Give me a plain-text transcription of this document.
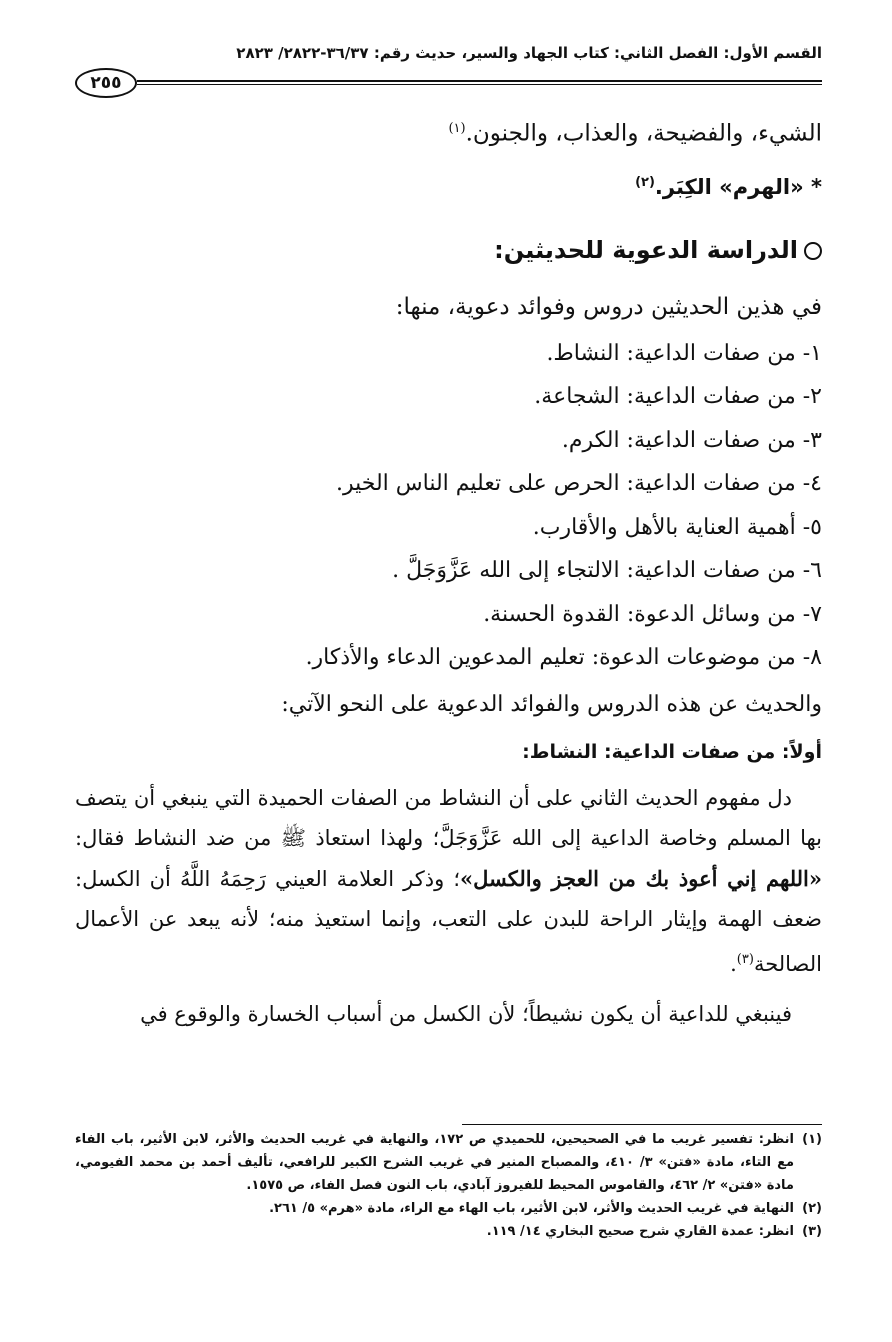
القسم الأول: الفصل الثاني: كتاب الجهاد والسير، حديث رقم: ٣٦/٣٧-٢٨٢٢/ ٢٨٢٣
٢٥٥

الشيء، والفضيحة، والعذاب، والجنون.$^{(١)}$

* «الهرم» الكِبَر.$^{(٢)}$

الدراسة الدعوية للحديثين:

في هذين الحديثين دروس وفوائد دعوية، منها:

١- من صفات الداعية: النشاط.
٢- من صفات الداعية: الشجاعة.
٣- من صفات الداعية: الكرم.
٤- من صفات الداعية: الحرص على تعليم الناس الخير.
٥- أهمية العناية بالأهل والأقارب.
٦- من صفات الداعية: الالتجاء إلى الله عَزَّوَجَلَّ .
٧- من وسائل الدعوة: القدوة الحسنة.
٨- من موضوعات الدعوة: تعليم المدعوين الدعاء والأذكار.

والحديث عن هذه الدروس والفوائد الدعوية على النحو الآتي:

أولاً: من صفات الداعية: النشاط:

دل مفهوم الحديث الثاني على أن النشاط من الصفات الحميدة التي ينبغي أن يتصف بها المسلم وخاصة الداعية إلى الله عَزَّوَجَلَّ؛ ولهذا استعاذ ﷺ من ضد النشاط فقال: «اللهم إني أعوذ بك من العجز والكسل»؛ وذكر العلامة العيني رَحِمَهُ اللَّهُ أن الكسل: ضعف الهمة وإيثار الراحة للبدن على التعب، وإنما استعيذ منه؛ لأنه يبعد عن الأعمال الصالحة$^{(٣)}$.

فينبغي للداعية أن يكون نشيطاً؛ لأن الكسل من أسباب الخسارة والوقوع في

(١)
انظر: تفسير غريب ما في الصحيحين، للحميدي ص ١٧٢، والنهاية في غريب الحديث والأثر، لابن الأثير، باب الفاء مع التاء، مادة «فتن» ٣/ ٤١٠، والمصباح المنير في غريب الشرح الكبير للرافعي، تأليف أحمد بن محمد الفيومي، مادة «فتن» ٢/ ٤٦٢، والقاموس المحيط للفيروز آبادي، باب النون فصل الفاء، ص ١٥٧٥.
(٢)
النهاية في غريب الحديث والأثر، لابن الأثير، باب الهاء مع الراء، مادة «هرم» ٥/ ٢٦١.
(٣)
انظر: عمدة القاري شرح صحيح البخاري ١٤/ ١١٩.
